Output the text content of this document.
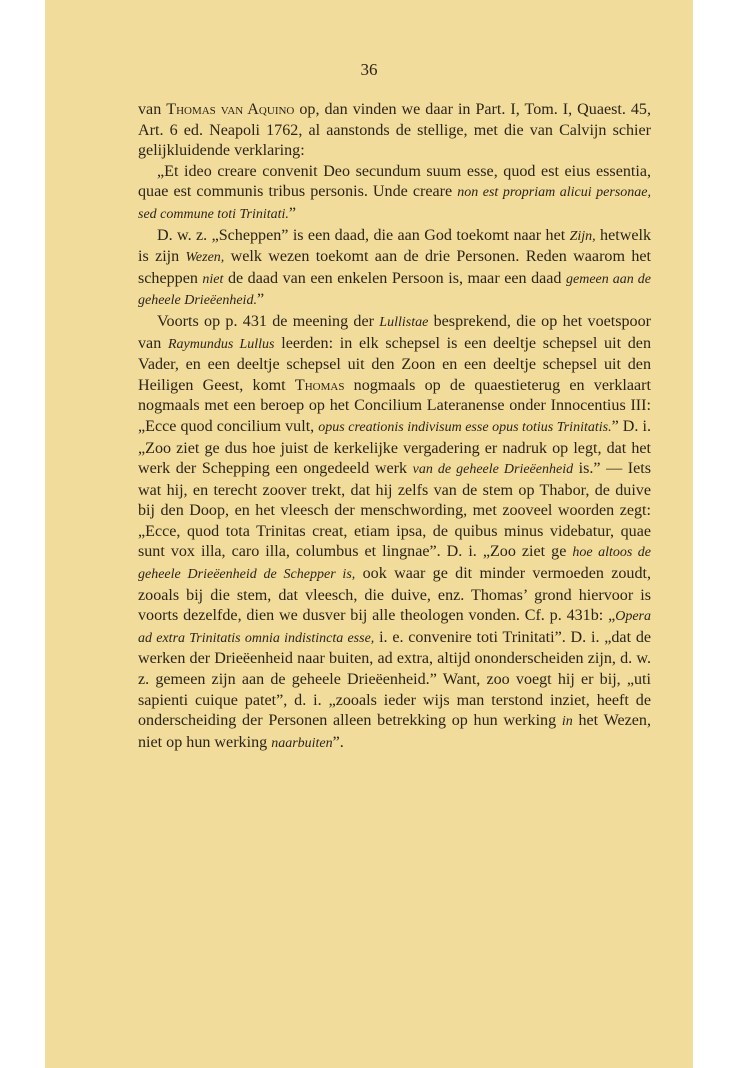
36

van Thomas van Aquino op, dan vinden we daar in Part. I, Tom. I, Quaest. 45, Art. 6 ed. Neapoli 1762, al aanstonds de stellige, met die van Calvijn schier gelijkluidende verklaring:

„Et ideo creare convenit Deo secundum suum esse, quod est eius essentia, quae est communis tribus personis. Unde creare non est propriam alicui personae, sed commune toti Trinitati.”

D. w. z. „Scheppen” is een daad, die aan God toekomt naar het Zijn, hetwelk is zijn Wezen, welk wezen toekomt aan de drie Personen. Reden waarom het scheppen niet de daad van een enkelen Persoon is, maar een daad gemeen aan de geheele Drieëenheid.”

Voorts op p. 431 de meening der Lullistae besprekend, die op het voetspoor van Raymundus Lullus leerden: in elk schepsel is een deeltje schepsel uit den Vader, en een deeltje schepsel uit den Zoon en een deeltje schepsel uit den Heiligen Geest, komt Thomas nogmaals op de quaestieterug en verklaart nogmaals met een beroep op het Concilium Lateranense onder Innocentius III: „Ecce quod concilium vult, opus creationis indivisum esse opus totius Trinitatis.” D. i. „Zoo ziet ge dus hoe juist de kerkelijke vergadering er nadruk op legt, dat het werk der Schepping een ongedeeld werk van de geheele Drieëenheid is.” — Iets wat hij, en terecht zoover trekt, dat hij zelfs van de stem op Thabor, de duive bij den Doop, en het vleesch der menschwording, met zooveel woorden zegt: „Ecce, quod tota Trinitas creat, etiam ipsa, de quibus minus videbatur, quae sunt vox illa, caro illa, columbus et lingnae”. D. i. „Zoo ziet ge hoe altoos de geheele Drieëenheid de Schepper is, ook waar ge dit minder vermoeden zoudt, zooals bij die stem, dat vleesch, die duive, enz. Thomas’ grond hiervoor is voorts dezelfde, dien we dusver bij alle theologen vonden. Cf. p. 431b: „Opera ad extra Trinitatis omnia indistincta esse, i. e. convenire toti Trinitati”. D. i. „dat de werken der Drieëenheid naar buiten, ad extra, altijd ononderscheiden zijn, d. w. z. gemeen zijn aan de geheele Drieëenheid.” Want, zoo voegt hij er bij, „uti sapienti cuique patet”, d. i. „zooals ieder wijs man terstond inziet, heeft de onderscheiding der Personen alleen betrekking op hun werking in het Wezen, niet op hun werking naarbuiten”.
